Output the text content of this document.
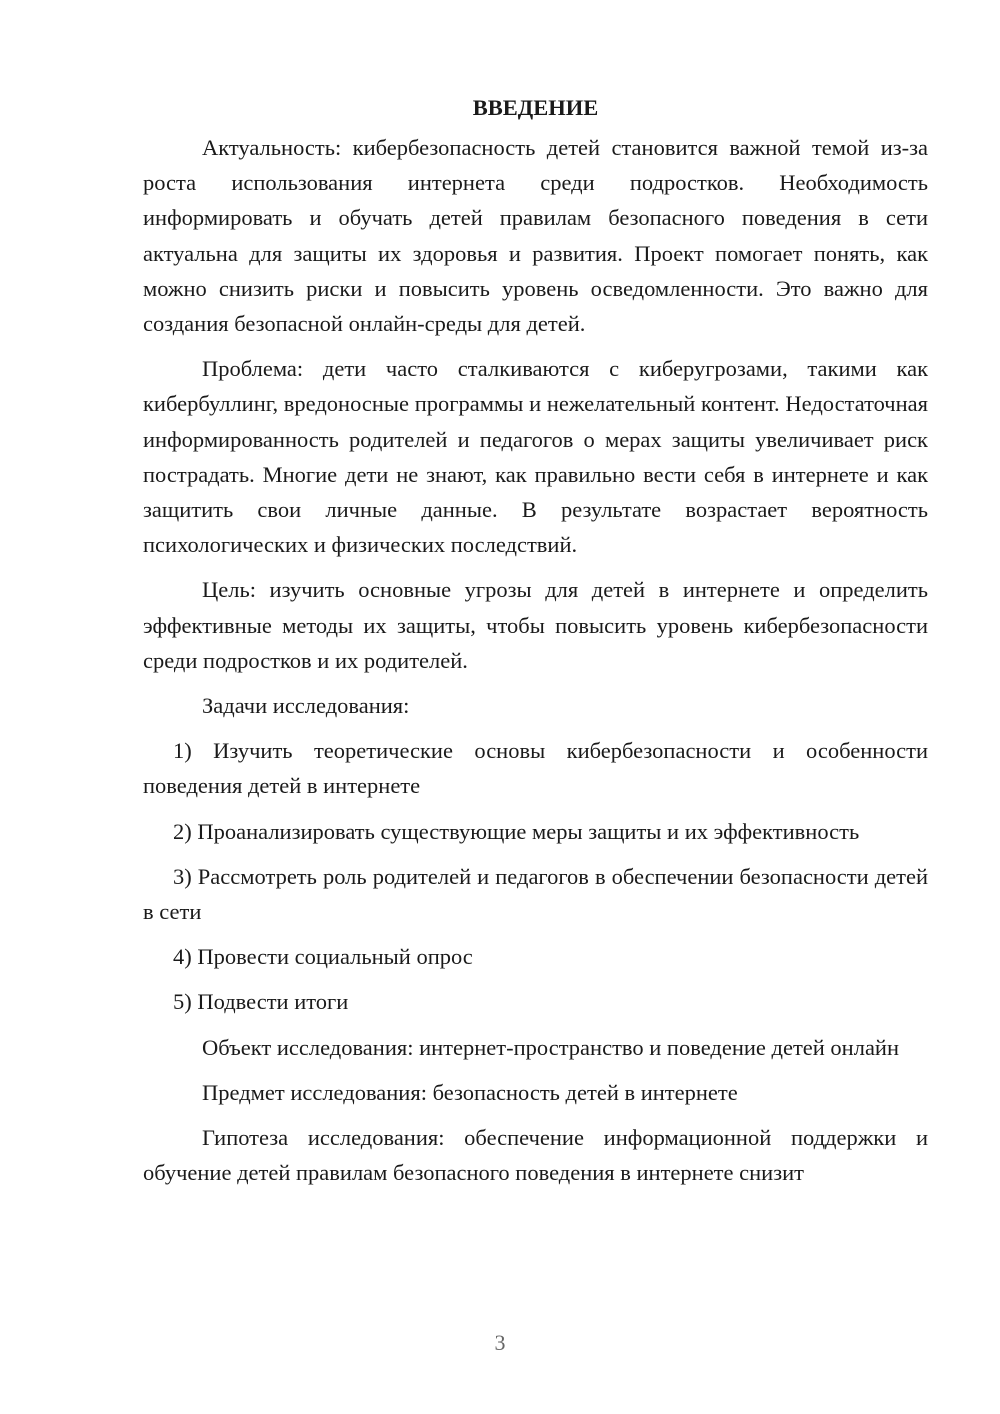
ВВЕДЕНИЕ

Актуальность: кибербезопасность детей становится важной темой из-за роста использования интернета среди подростков. Необходимость информировать и обучать детей правилам безопасного поведения в сети актуальна для защиты их здоровья и развития. Проект помогает понять, как можно снизить риски и повысить уровень осведомленности. Это важно для создания безопасной онлайн-среды для детей.

Проблема: дети часто сталкиваются с киберугрозами, такими как кибербуллинг, вредоносные программы и нежелательный контент. Недостаточная информированность родителей и педагогов о мерах защиты увеличивает риск пострадать. Многие дети не знают, как правильно вести себя в интернете и как защитить свои личные данные. В результате возрастает вероятность психологических и физических последствий.

Цель: изучить основные угрозы для детей в интернете и определить эффективные методы их защиты, чтобы повысить уровень кибербезопасности среди подростков и их родителей.

Задачи исследования:

1) Изучить теоретические основы кибербезопасности и особенности поведения детей в интернете

2) Проанализировать существующие меры защиты и их эффективность

3) Рассмотреть роль родителей и педагогов в обеспечении безопасности детей в сети

4) Провести социальный опрос

5) Подвести итоги

Объект исследования: интернет-пространство и поведение детей онлайн

Предмет исследования: безопасность детей в интернете

Гипотеза исследования: обеспечение информационной поддержки и обучение детей правилам безопасного поведения в интернете снизит

3
